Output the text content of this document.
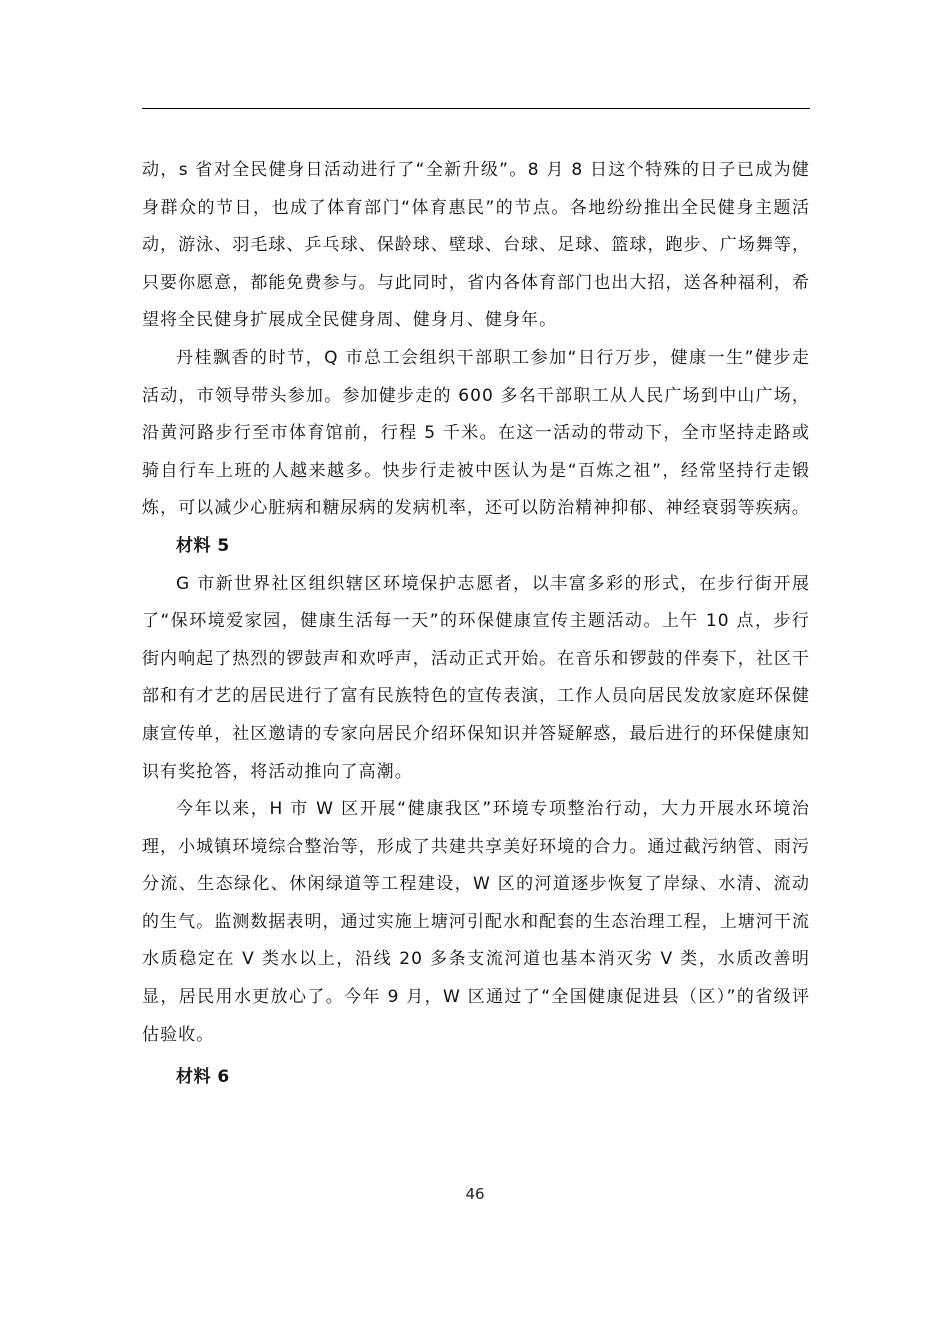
动，s 省对全民健身日活动进行了“全新升级”。8 月 8 日这个特殊的日子已成为健身群众的节日，也成了体育部门“体育惠民”的节点。各地纷纷推出全民健身主题活动，游泳、羽毛球、乒乓球、保龄球、壁球、台球、足球、篮球，跑步、广场舞等，只要你愿意，都能免费参与。与此同时，省内各体育部门也出大招，送各种福利，希望将全民健身扩展成全民健身周、健身月、健身年。

丹桂飘香的时节，Q 市总工会组织干部职工参加“日行万步，健康一生”健步走活动，市领导带头参加。参加健步走的 600 多名干部职工从人民广场到中山广场，沿黄河路步行至市体育馆前，行程 5 千米。在这一活动的带动下，全市坚持走路或骑自行车上班的人越来越多。快步行走被中医认为是“百炼之祖”，经常坚持行走锻炼，可以减少心脏病和糖尿病的发病机率，还可以防治精神抑郁、神经衰弱等疾病。

材料 5

G 市新世界社区组织辖区环境保护志愿者，以丰富多彩的形式，在步行街开展了“保环境爱家园，健康生活每一天”的环保健康宣传主题活动。上午 10 点，步行街内响起了热烈的锣鼓声和欢呼声，活动正式开始。在音乐和锣鼓的伴奏下，社区干部和有才艺的居民进行了富有民族特色的宣传表演，工作人员向居民发放家庭环保健康宣传单，社区邀请的专家向居民介绍环保知识并答疑解惑，最后进行的环保健康知识有奖抢答，将活动推向了高潮。

今年以来，H 市 W 区开展“健康我区”环境专项整治行动，大力开展水环境治理，小城镇环境综合整治等，形成了共建共享美好环境的合力。通过截污纳管、雨污分流、生态绿化、休闲绿道等工程建设，W 区的河道逐步恢复了岸绿、水清、流动的生气。监测数据表明，通过实施上塘河引配水和配套的生态治理工程，上塘河干流水质稳定在 V 类水以上，沿线 20 多条支流河道也基本消灭劣 V 类，水质改善明显，居民用水更放心了。今年 9 月，W 区通过了“全国健康促进县（区）”的省级评估验收。

材料 6
46
